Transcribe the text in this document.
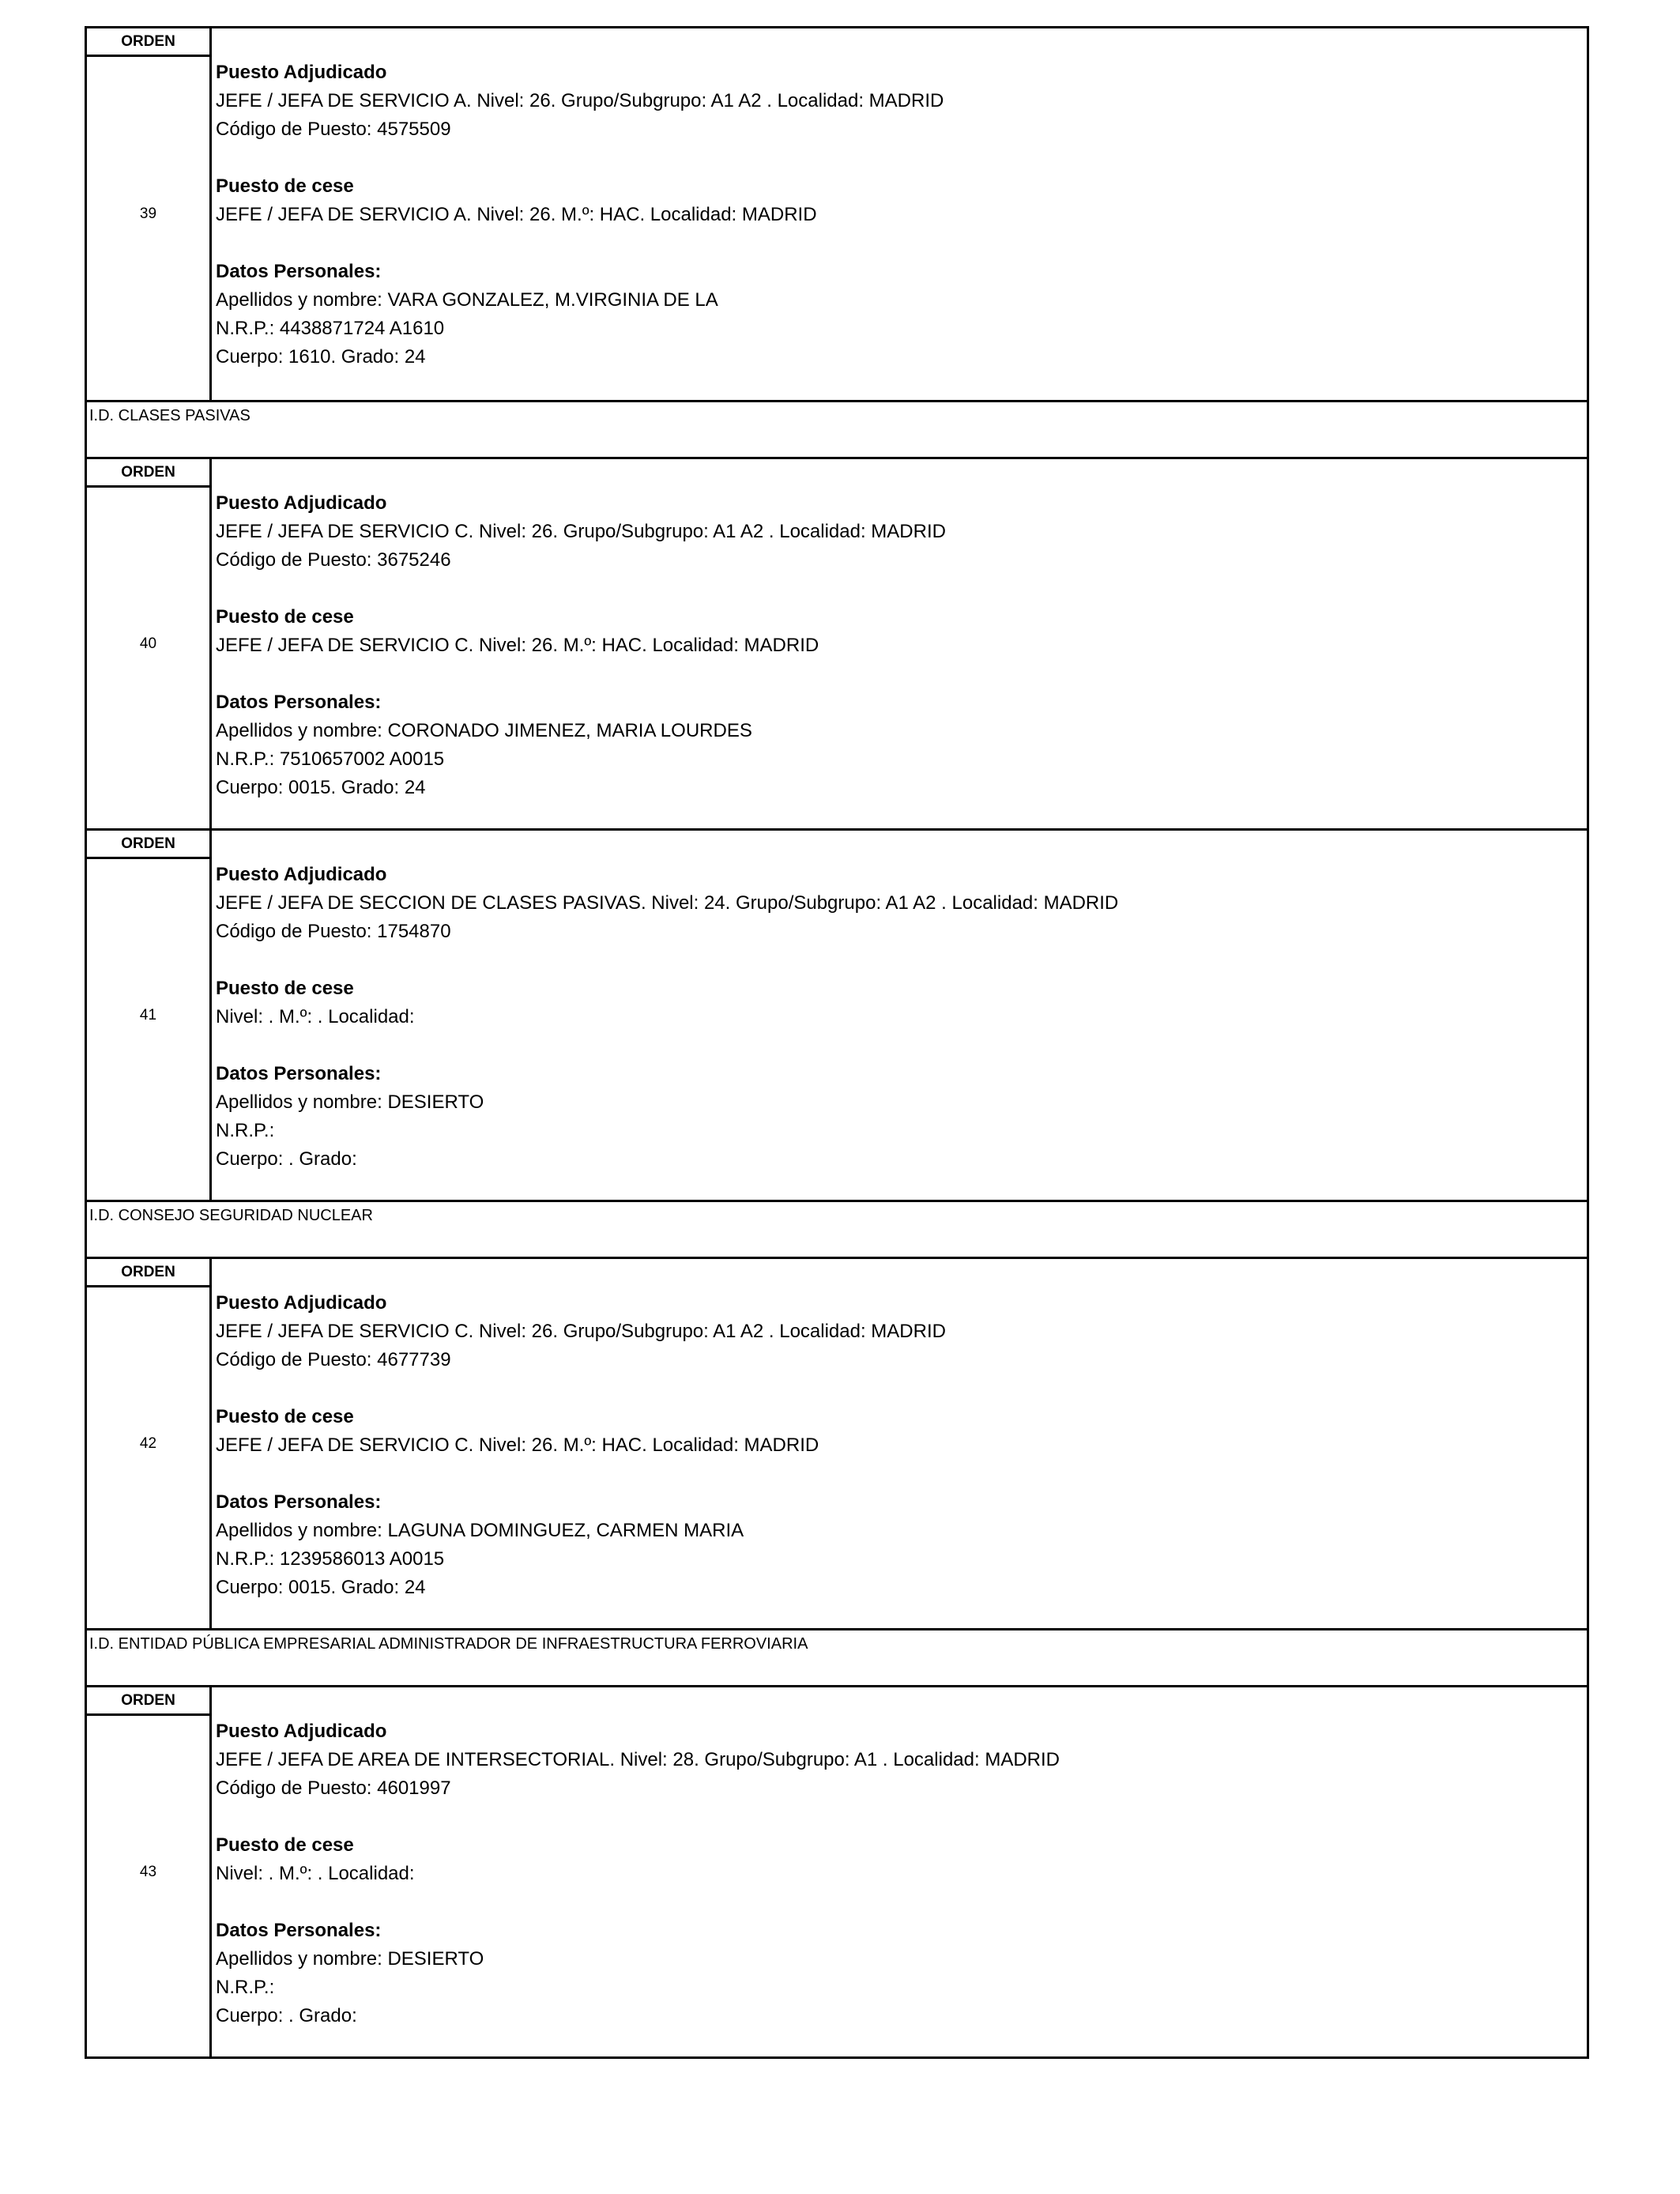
ORDEN
39
Puesto Adjudicado
JEFE / JEFA DE SERVICIO A. Nivel: 26. Grupo/Subgrupo: A1 A2 . Localidad: MADRID
Código de Puesto: 4575509
Puesto de cese
JEFE / JEFA DE SERVICIO A. Nivel: 26. M.º: HAC. Localidad: MADRID
Datos Personales:
Apellidos y nombre: VARA GONZALEZ, M.VIRGINIA DE LA
N.R.P.: 4438871724 A1610
Cuerpo: 1610. Grado: 24
I.D. CLASES PASIVAS
ORDEN
40
Puesto Adjudicado
JEFE / JEFA DE SERVICIO C. Nivel: 26. Grupo/Subgrupo: A1 A2 . Localidad: MADRID
Código de Puesto: 3675246
Puesto de cese
JEFE / JEFA DE SERVICIO C. Nivel: 26. M.º: HAC. Localidad: MADRID
Datos Personales:
Apellidos y nombre: CORONADO JIMENEZ, MARIA LOURDES
N.R.P.: 7510657002 A0015
Cuerpo: 0015. Grado: 24
ORDEN
41
Puesto Adjudicado
JEFE / JEFA DE SECCION DE CLASES PASIVAS. Nivel: 24. Grupo/Subgrupo: A1 A2 . Localidad: MADRID
Código de Puesto: 1754870
Puesto de cese
Nivel: . M.º: . Localidad:
Datos Personales:
Apellidos y nombre: DESIERTO
N.R.P.:
Cuerpo: . Grado:
I.D. CONSEJO SEGURIDAD NUCLEAR
ORDEN
42
Puesto Adjudicado
JEFE / JEFA DE SERVICIO C. Nivel: 26. Grupo/Subgrupo: A1 A2 . Localidad: MADRID
Código de Puesto: 4677739
Puesto de cese
JEFE / JEFA DE SERVICIO C. Nivel: 26. M.º: HAC. Localidad: MADRID
Datos Personales:
Apellidos y nombre: LAGUNA DOMINGUEZ, CARMEN MARIA
N.R.P.: 1239586013 A0015
Cuerpo: 0015. Grado: 24
I.D. ENTIDAD PÚBLICA EMPRESARIAL ADMINISTRADOR DE INFRAESTRUCTURA FERROVIARIA
ORDEN
43
Puesto Adjudicado
JEFE / JEFA DE AREA DE INTERSECTORIAL. Nivel: 28. Grupo/Subgrupo: A1 . Localidad: MADRID
Código de Puesto: 4601997
Puesto de cese
Nivel: . M.º: . Localidad:
Datos Personales:
Apellidos y nombre: DESIERTO
N.R.P.:
Cuerpo: . Grado:
